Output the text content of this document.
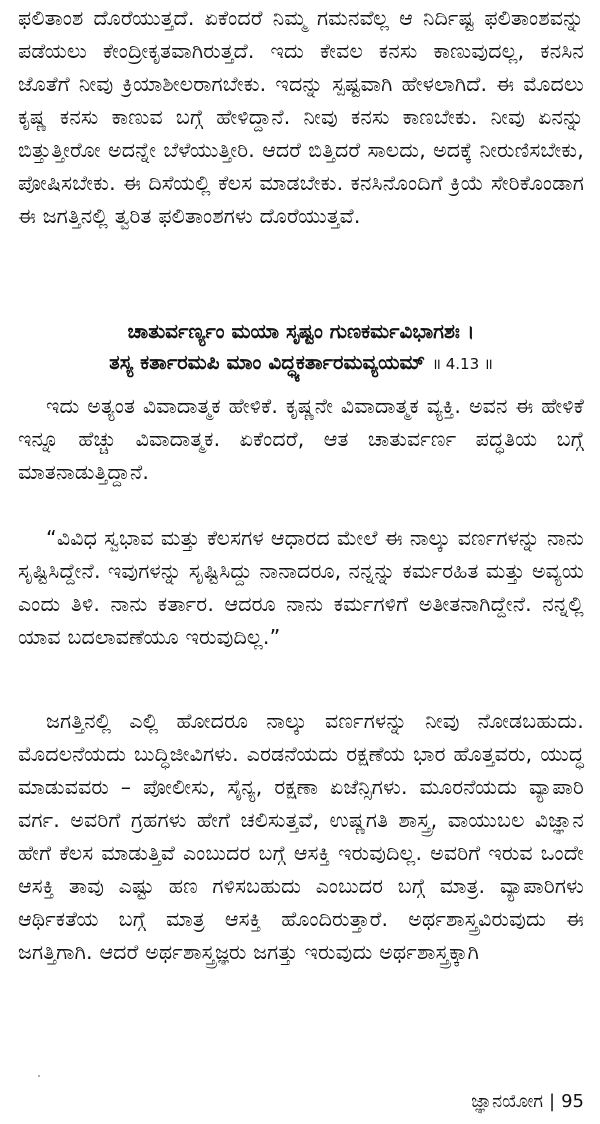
ಫಲಿತಾಂಶ ದೊರೆಯುತ್ತದೆ. ಏಕೆಂದರೆ ನಿಮ್ಮ ಗಮನವೆಲ್ಲ ಆ ನಿರ್ದಿಷ್ಟ ಫಲಿತಾಂಶವನ್ನು ಪಡೆಯಲು ಕೇಂದ್ರೀಕೃತವಾಗಿರುತ್ತದೆ. ಇದು ಕೇವಲ ಕನಸು ಕಾಣುವುದಲ್ಲ, ಕನಸಿನ ಜೊತೆಗೆ ನೀವು ಕ್ರಿಯಾಶೀಲರಾಗಬೇಕು. ಇದನ್ನು ಸ್ಪಷ್ಟವಾಗಿ ಹೇಳಲಾಗಿದೆ. ಈ ಮೊದಲು ಕೃಷ್ಣ ಕನಸು ಕಾಣುವ ಬಗ್ಗೆ ಹೇಳಿದ್ದಾನೆ. ನೀವು ಕನಸು ಕಾಣಬೇಕು. ನೀವು ಏನನ್ನು ಬಿತ್ತುತ್ತೀರೋ ಅದನ್ನೇ ಬೆಳೆಯುತ್ತೀರಿ. ಆದರೆ ಬಿತ್ತಿದರೆ ಸಾಲದು, ಅದಕ್ಕೆ ನೀರುಣಿಸಬೇಕು, ಪೋಷಿಸಬೇಕು. ಈ ದಿಸೆಯಲ್ಲಿ ಕೆಲಸ ಮಾಡಬೇಕು. ಕನಸಿನೊಂದಿಗೆ ಕ್ರಿಯೆ ಸೇರಿಕೊಂಡಾಗ ಈ ಜಗತ್ತಿನಲ್ಲಿ ತ್ವರಿತ ಫಲಿತಾಂಶಗಳು ದೊರೆಯುತ್ತವೆ.

ಚಾತುರ್ವರ್ಣ್ಯಂ ಮಯಾ ಸೃಷ್ಟಂ ಗುಣಕರ್ಮವಿಭಾಗಶಃ ।
ತಸ್ಯ ಕರ್ತಾರಮಪಿ ಮಾಂ ವಿದ್ಧ್ಯಕರ್ತಾರಮವ್ಯಯಮ್ ॥ 4.13 ॥

ಇದು ಅತ್ಯಂತ ವಿವಾದಾತ್ಮಕ ಹೇಳಿಕೆ. ಕೃಷ್ಣನೇ ವಿವಾದಾತ್ಮಕ ವ್ಯಕ್ತಿ. ಅವನ ಈ ಹೇಳಿಕೆ ಇನ್ನೂ ಹೆಚ್ಚು ವಿವಾದಾತ್ಮಕ. ಏಕೆಂದರೆ, ಆತ ಚಾತುರ್ವರ್ಣ ಪದ್ಧತಿಯ ಬಗ್ಗೆ ಮಾತನಾಡುತ್ತಿದ್ದಾನೆ.

“ವಿವಿಧ ಸ್ವಭಾವ ಮತ್ತು ಕೆಲಸಗಳ ಆಧಾರದ ಮೇಲೆ ಈ ನಾಲ್ಕು ವರ್ಣಗಳನ್ನು ನಾನು ಸೃಷ್ಟಿಸಿದ್ದೇನೆ. ಇವುಗಳನ್ನು ಸೃಷ್ಟಿಸಿದ್ದು ನಾನಾದರೂ, ನನ್ನನ್ನು ಕರ್ಮರಹಿತ ಮತ್ತು ಅವ್ಯಯ ಎಂದು ತಿಳಿ. ನಾನು ಕರ್ತಾರ. ಆದರೂ ನಾನು ಕರ್ಮಗಳಿಗೆ ಅತೀತನಾಗಿದ್ದೇನೆ. ನನ್ನಲ್ಲಿ ಯಾವ ಬದಲಾವಣೆಯೂ ಇರುವುದಿಲ್ಲ.”

ಜಗತ್ತಿನಲ್ಲಿ ಎಲ್ಲಿ ಹೋದರೂ ನಾಲ್ಕು ವರ್ಣಗಳನ್ನು ನೀವು ನೋಡಬಹುದು. ಮೊದಲನೆಯದು ಬುದ್ಧಿಜೀವಿಗಳು. ಎರಡನೆಯದು ರಕ್ಷಣೆಯ ಭಾರ ಹೊತ್ತವರು, ಯುದ್ಧ ಮಾಡುವವರು – ಪೋಲೀಸು, ಸೈನ್ಯ, ರಕ್ಷಣಾ ಏಜೆನ್ಸಿಗಳು. ಮೂರನೆಯದು ವ್ಯಾಪಾರಿ ವರ್ಗ. ಅವರಿಗೆ ಗ್ರಹಗಳು ಹೇಗೆ ಚಲಿಸುತ್ತವೆ, ಉಷ್ಣಗತಿ ಶಾಸ್ತ್ರ, ವಾಯುಬಲ ವಿಜ್ಞಾನ ಹೇಗೆ ಕೆಲಸ ಮಾಡುತ್ತಿವೆ ಎಂಬುದರ ಬಗ್ಗೆ ಆಸಕ್ತಿ ಇರುವುದಿಲ್ಲ. ಅವರಿಗೆ ಇರುವ ಒಂದೇ ಆಸಕ್ತಿ ತಾವು ಎಷ್ಟು ಹಣ ಗಳಿಸಬಹುದು ಎಂಬುದರ ಬಗ್ಗೆ ಮಾತ್ರ. ವ್ಯಾಪಾರಿಗಳು ಆರ್ಥಿಕತೆಯ ಬಗ್ಗೆ ಮಾತ್ರ ಆಸಕ್ತಿ ಹೊಂದಿರುತ್ತಾರೆ. ಅರ್ಥಶಾಸ್ತ್ರವಿರುವುದು ಈ ಜಗತ್ತಿಗಾಗಿ. ಆದರೆ ಅರ್ಥಶಾಸ್ತ್ರಜ್ಞರು ಜಗತ್ತು ಇರುವುದು ಅರ್ಥಶಾಸ್ತ್ರಕ್ಕಾಗಿ

ಜ್ಞಾನಯೋಗ | 95
